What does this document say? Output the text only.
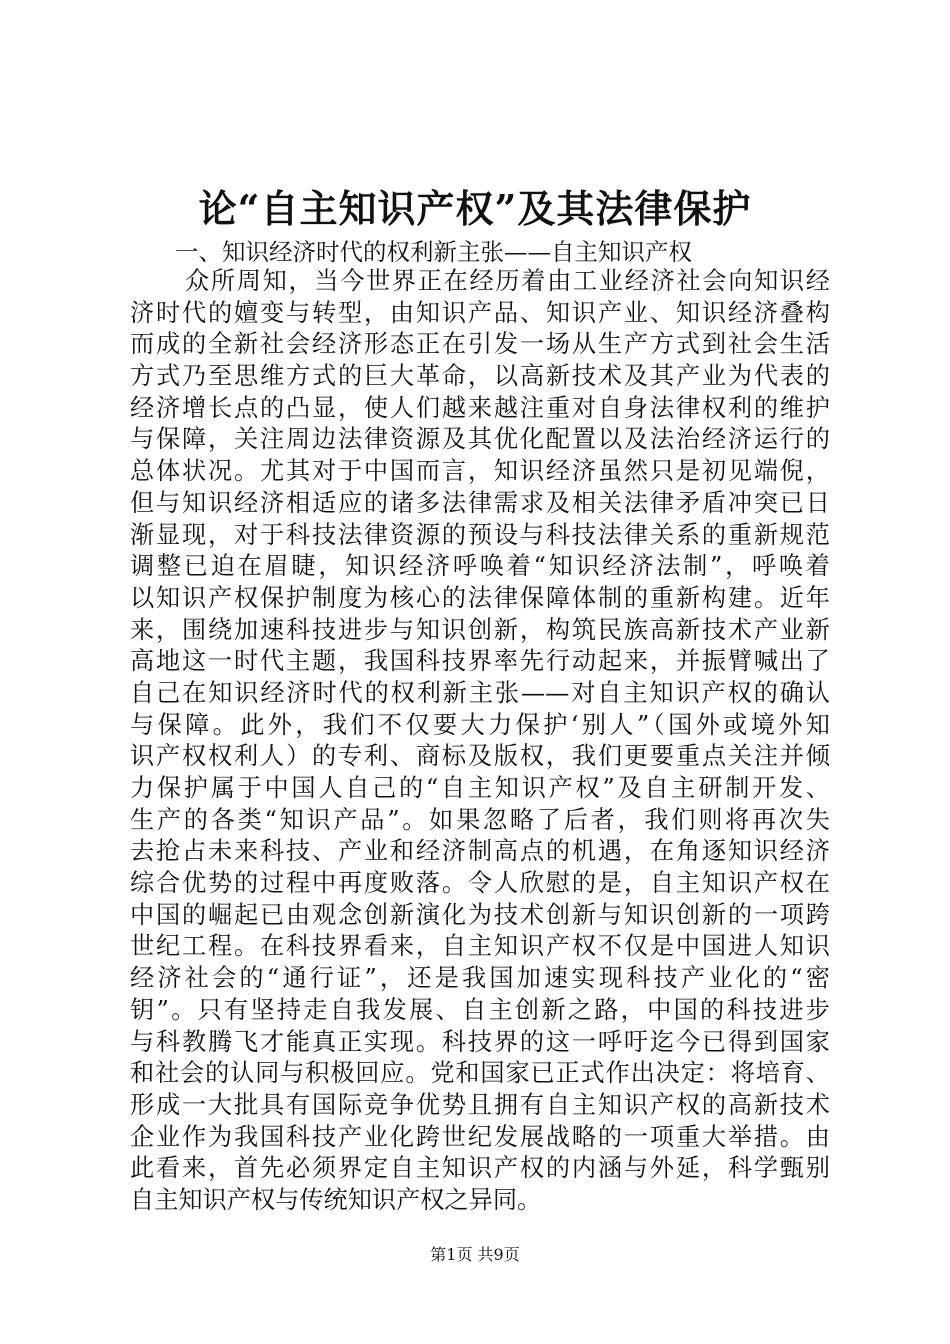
论“自主知识产权”及其法律保护

一、知识经济时代的权利新主张——自主知识产权

众所周知，当今世界正在经历着由工业经济社会向知识经
济时代的嬗变与转型，由知识产品、知识产业、知识经济叠构
而成的全新社会经济形态正在引发一场从生产方式到社会生活
方式乃至思维方式的巨大革命，以高新技术及其产业为代表的
经济增长点的凸显，使人们越来越注重对自身法律权利的维护
与保障，关注周边法律资源及其优化配置以及法治经济运行的
总体状况。尤其对于中国而言，知识经济虽然只是初见端倪，
但与知识经济相适应的诸多法律需求及相关法律矛盾冲突已日
渐显现，对于科技法律资源的预设与科技法律关系的重新规范
调整已迫在眉睫，知识经济呼唤着“知识经济法制”，呼唤着
以知识产权保护制度为核心的法律保障体制的重新构建。近年
来，围绕加速科技进步与知识创新，构筑民族高新技术产业新
高地这一时代主题，我国科技界率先行动起来，并振臂喊出了
自己在知识经济时代的权利新主张——对自主知识产权的确认
与保障。此外，我们不仅要大力保护‘别人”（国外或境外知
识产权权利人）的专利、商标及版权，我们更要重点关注并倾
力保护属于中国人自己的“自主知识产权”及自主研制开发、
生产的各类“知识产品”。如果忽略了后者，我们则将再次失
去抢占未来科技、产业和经济制高点的机遇，在角逐知识经济
综合优势的过程中再度败落。令人欣慰的是，自主知识产权在
中国的崛起已由观念创新演化为技术创新与知识创新的一项跨
世纪工程。在科技界看来，自主知识产权不仅是中国进人知识
经济社会的“通行证”，还是我国加速实现科技产业化的“密
钥”。只有坚持走自我发展、自主创新之路，中国的科技进步
与科教腾飞才能真正实现。科技界的这一呼吁迄今已得到国家
和社会的认同与积极回应。党和国家已正式作出决定：将培育、
形成一大批具有国际竞争优势且拥有自主知识产权的高新技术
企业作为我国科技产业化跨世纪发展战略的一项重大举措。由
此看来，首先必须界定自主知识产权的内涵与外延，科学甄别
自主知识产权与传统知识产权之异同。
第1页 共9页
